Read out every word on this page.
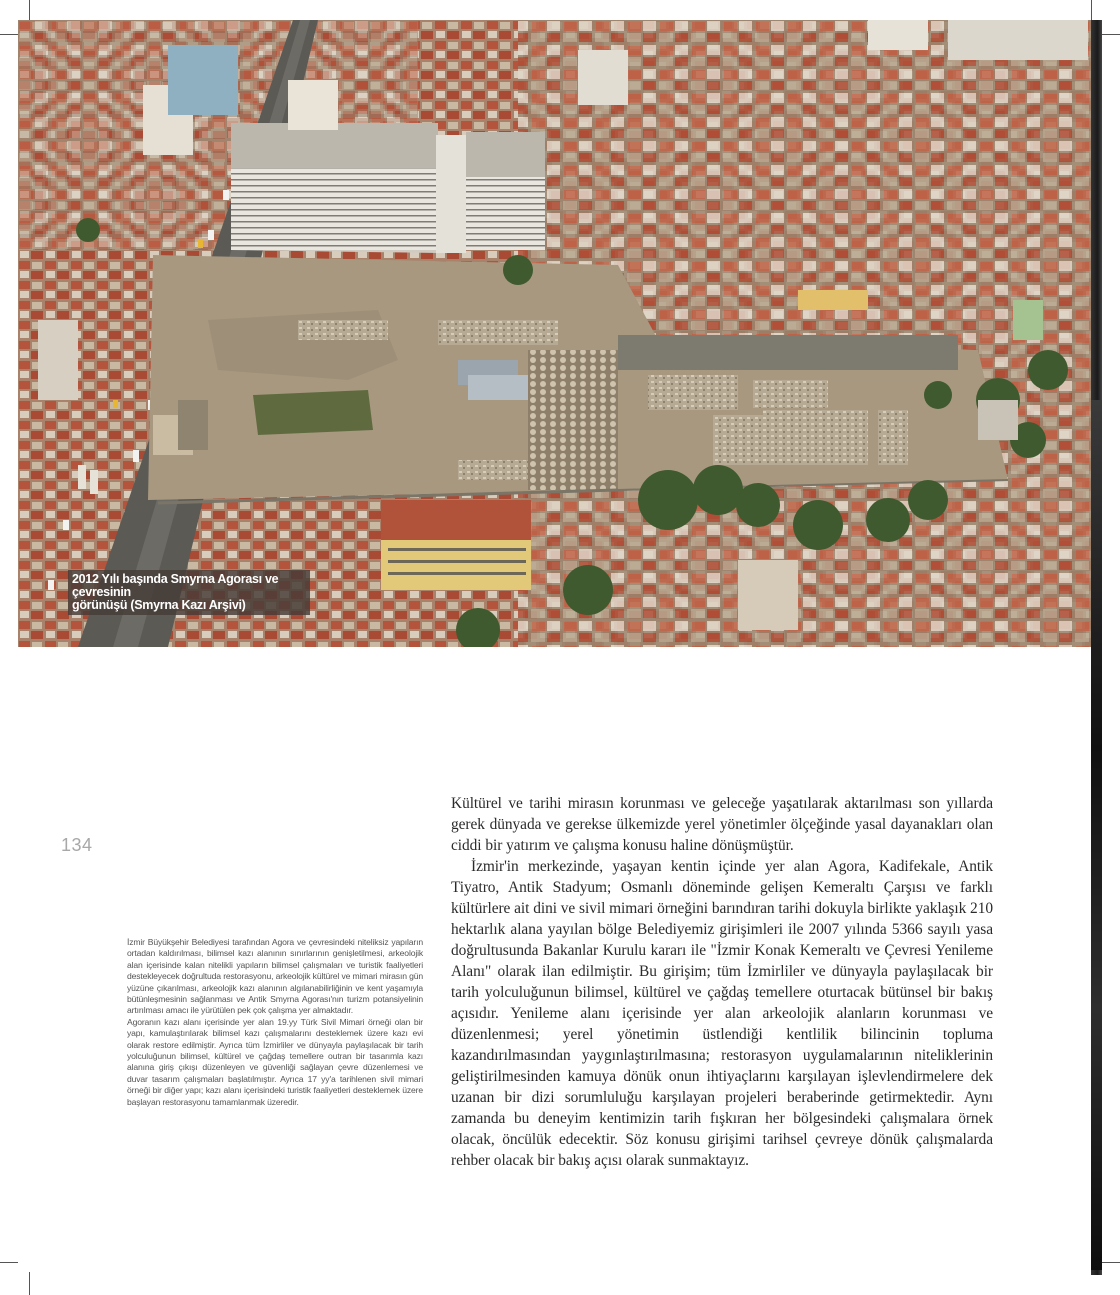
2012 Yılı başında Smyrna Agorası ve çevresinin
görünüşü (Smyrna Kazı Arşivi)
134

İzmir Büyükşehir Belediyesi tarafından Agora ve çevresindeki niteliksiz yapıların ortadan kaldırılması, bilimsel kazı alanının sınırlarının genişletilmesi, arkeolojik alan içerisinde kalan nitelikli yapıların bilimsel çalışmaları ve turistik faaliyetleri destekleyecek doğrultuda restorasyonu, arkeolojik kültürel ve mimari mirasın gün yüzüne çıkarılması, arkeolojik kazı alanının algılanabilirliğinin ve kent yaşamıyla bütünleşmesinin sağlanması ve Antik Smyrna Agorası'nın turizm potansiyelinin artırılması amacı ile yürütülen pek çok çalışma yer almaktadır.

Agoranın kazı alanı içerisinde yer alan 19.yy Türk Sivil Mimari örneği olan bir yapı, kamulaştırılarak bilimsel kazı çalışmalarını desteklemek üzere kazı evi olarak restore edilmiştir. Ayrıca tüm İzmirliler ve dünyayla paylaşılacak bir tarih yolculuğunun bilimsel, kültürel ve çağdaş temellere outran bir tasarımla kazı alanına giriş çıkışı düzenleyen ve güvenliği sağlayan çevre düzenlemesi ve duvar tasarım çalışmaları başlatılmıştır. Ayrıca 17 yy'a tarihlenen sivil mimari örneği bir diğer yapı; kazı alanı içerisindeki turistik faaliyetleri desteklemek üzere başlayan restorasyonu tamamlanmak üzeredir.

Kültürel ve tarihi mirasın korunması ve geleceğe yaşatılarak aktarılması son yıllarda gerek dünyada ve gerekse ülkemizde yerel yönetimler ölçeğinde yasal dayanakları olan ciddi bir yatırım ve çalışma konusu haline dönüşmüştür.

İzmir'in merkezinde, yaşayan kentin içinde yer alan Agora, Kadifekale, Antik Tiyatro, Antik Stadyum; Osmanlı döneminde gelişen Kemeraltı Çarşısı ve farklı kültürlere ait dini ve sivil mimari örneğini barındıran tarihi dokuyla birlikte yaklaşık 210 hektarlık alana yayılan bölge Belediyemiz girişimleri ile 2007 yılında 5366 sayılı yasa doğrultusunda Bakanlar Kurulu kararı ile "İzmir Konak Kemeraltı ve Çevresi Yenileme Alanı" olarak ilan edilmiştir. Bu girişim; tüm İzmirliler ve dünyayla paylaşılacak bir tarih yolculuğunun bilimsel, kültürel ve çağdaş temellere oturtacak bütünsel bir bakış açısıdır. Yenileme alanı içerisinde yer alan arkeolojik alanların korunması ve düzenlenmesi; yerel yönetimin üstlendiği kentlilik bilincinin topluma kazandırılmasından yaygınlaştırılmasına; restorasyon uygulamalarının niteliklerinin geliştirilmesinden kamuya dönük onun ihtiyaçlarını karşılayan işlevlendirmelere dek uzanan bir dizi sorumluluğu karşılayan projeleri beraberinde getirmektedir. Aynı zamanda bu deneyim kentimizin tarih fışkıran her bölgesindeki çalışmalara örnek olacak, öncülük edecektir. Söz konusu girişimi tarihsel çevreye dönük çalışmalarda rehber olacak bir bakış açısı olarak sunmaktayız.
